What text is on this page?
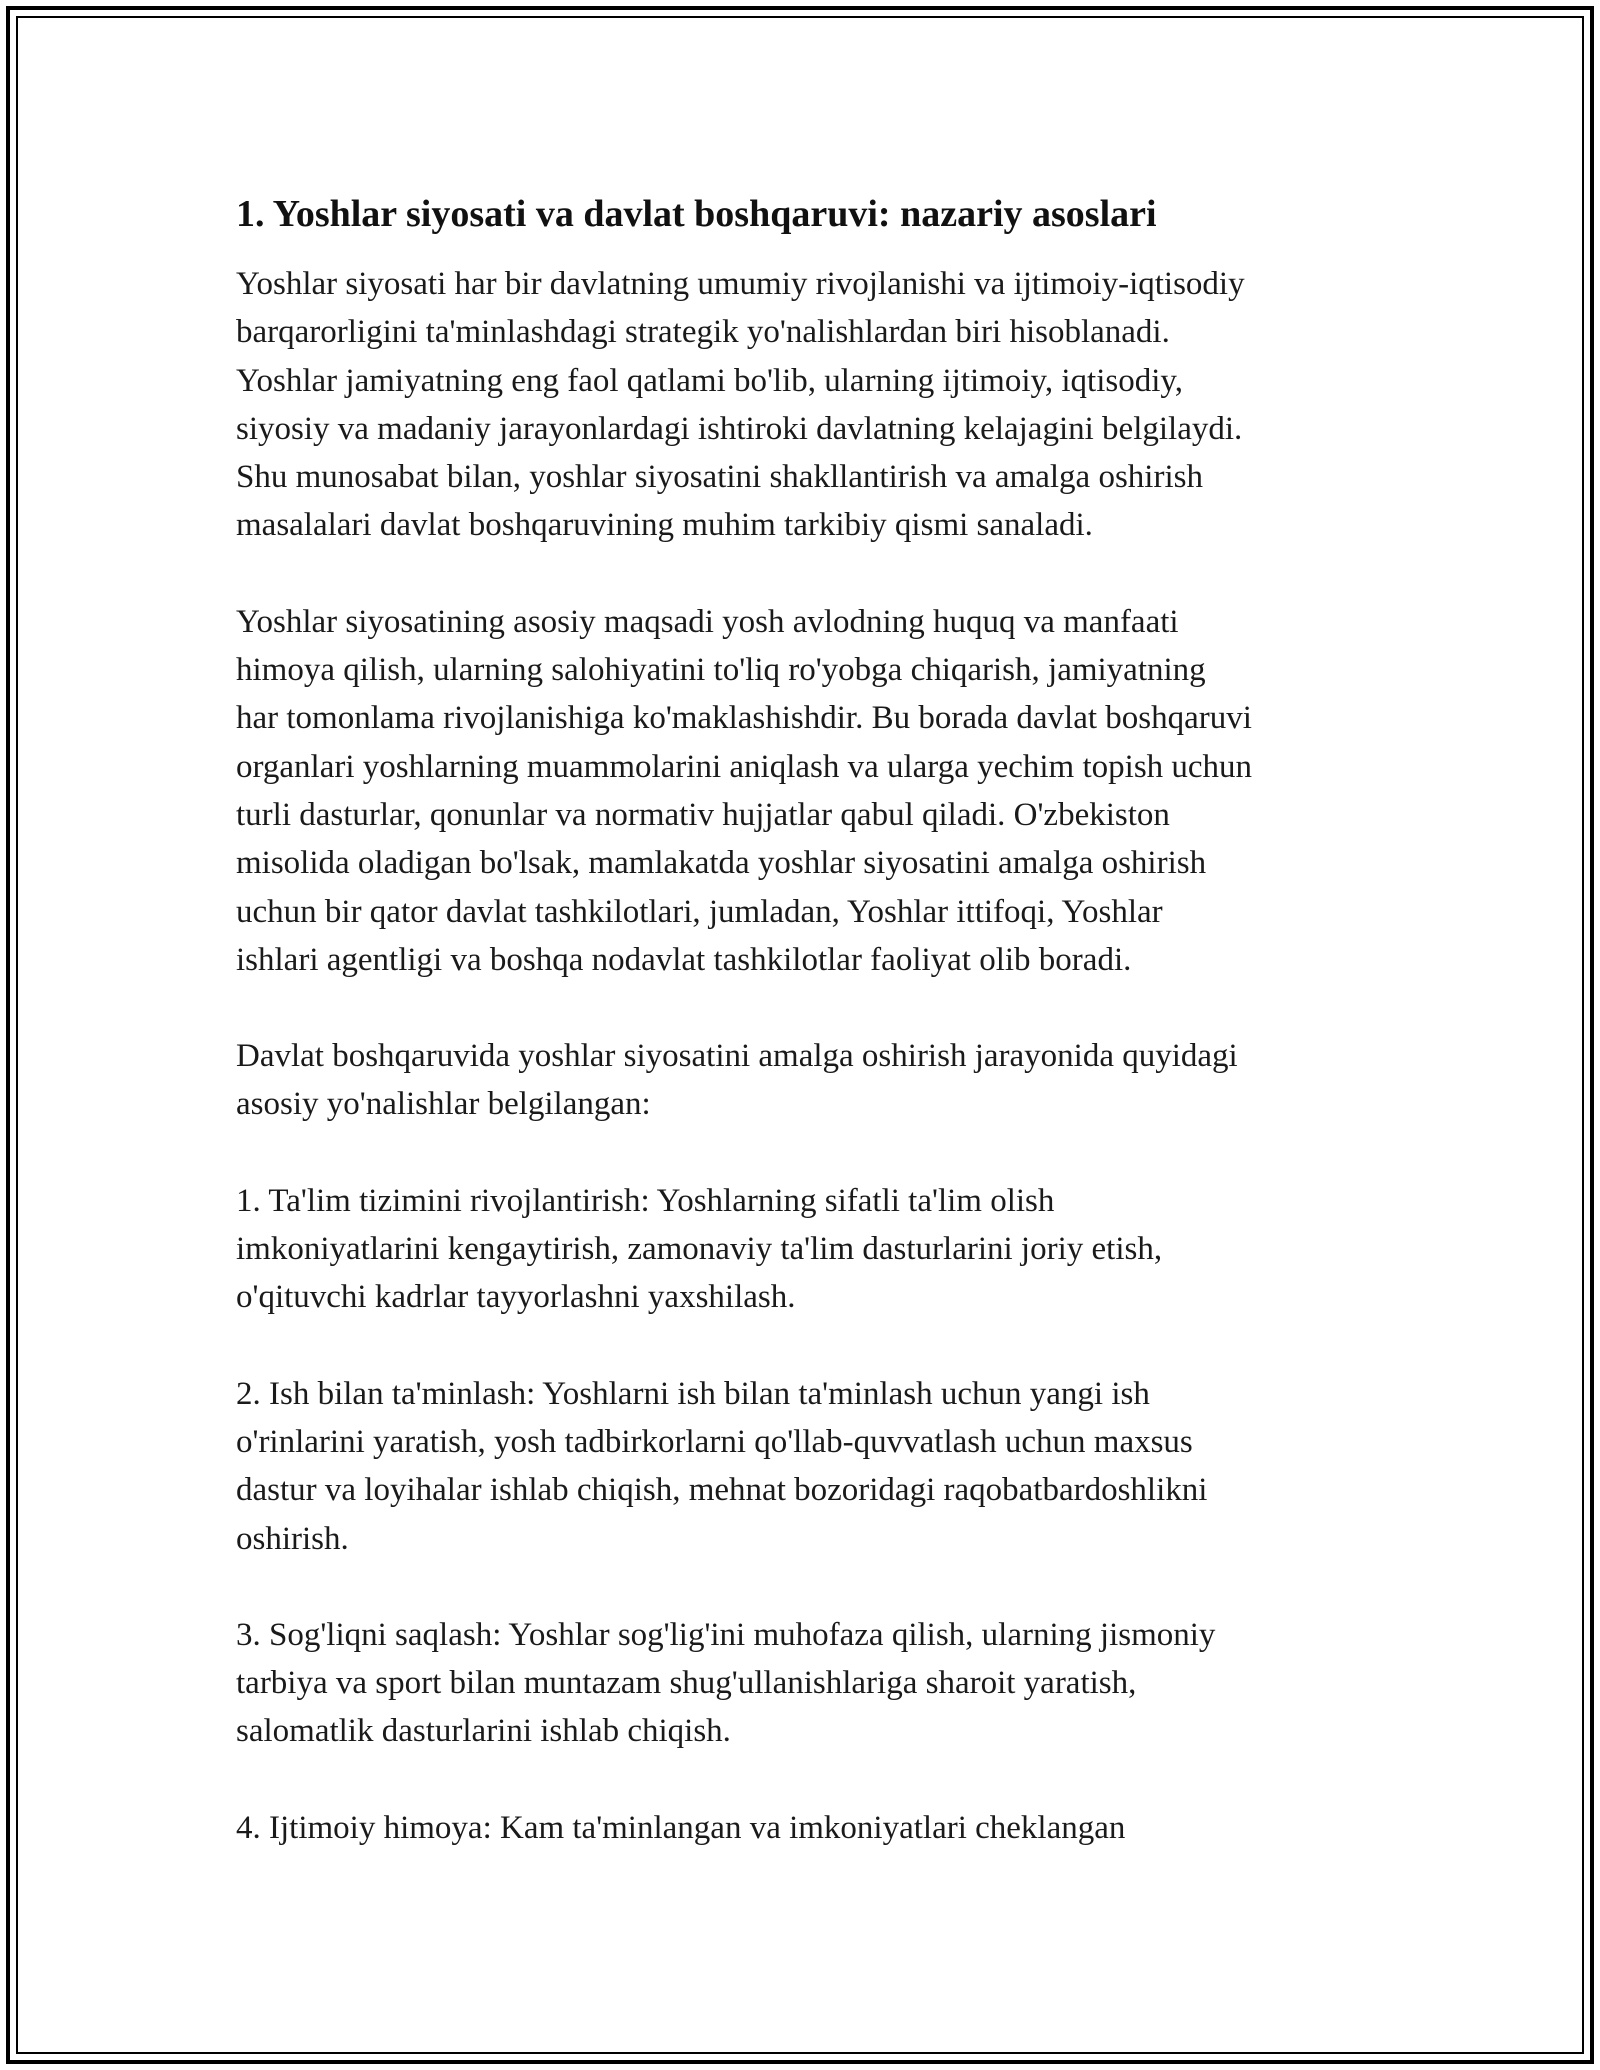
1. Yoshlar siyosati va davlat boshqaruvi: nazariy asoslari

Yoshlar siyosati har bir davlatning umumiy rivojlanishi va ijtimoiy-iqtisodiy
barqarorligini ta'minlashdagi strategik yo'nalishlardan biri hisoblanadi.
Yoshlar jamiyatning eng faol qatlami bo'lib, ularning ijtimoiy, iqtisodiy,
siyosiy va madaniy jarayonlardagi ishtiroki davlatning kelajagini belgilaydi.
Shu munosabat bilan, yoshlar siyosatini shakllantirish va amalga oshirish
masalalari davlat boshqaruvining muhim tarkibiy qismi sanaladi.

Yoshlar siyosatining asosiy maqsadi yosh avlodning huquq va manfaati
himoya qilish, ularning salohiyatini to'liq ro'yobga chiqarish, jamiyatning
har tomonlama rivojlanishiga ko'maklashishdir. Bu borada davlat boshqaruvi
organlari yoshlarning muammolarini aniqlash va ularga yechim topish uchun
turli dasturlar, qonunlar va normativ hujjatlar qabul qiladi. O'zbekiston
misolida oladigan bo'lsak, mamlakatda yoshlar siyosatini amalga oshirish
uchun bir qator davlat tashkilotlari, jumladan, Yoshlar ittifoqi, Yoshlar
ishlari agentligi va boshqa nodavlat tashkilotlar faoliyat olib boradi.

Davlat boshqaruvida yoshlar siyosatini amalga oshirish jarayonida quyidagi
asosiy yo'nalishlar belgilangan:

1. Ta'lim tizimini rivojlantirish: Yoshlarning sifatli ta'lim olish
imkoniyatlarini kengaytirish, zamonaviy ta'lim dasturlarini joriy etish,
o'qituvchi kadrlar tayyorlashni yaxshilash.

2. Ish bilan ta'minlash: Yoshlarni ish bilan ta'minlash uchun yangi ish
o'rinlarini yaratish, yosh tadbirkorlarni qo'llab-quvvatlash uchun maxsus
dastur va loyihalar ishlab chiqish, mehnat bozoridagi raqobatbardoshlikni
oshirish.

3. Sog'liqni saqlash: Yoshlar sog'lig'ini muhofaza qilish, ularning jismoniy
tarbiya va sport bilan muntazam shug'ullanishlariga sharoit yaratish,
salomatlik dasturlarini ishlab chiqish.

4. Ijtimoiy himoya: Kam ta'minlangan va imkoniyatlari cheklangan
